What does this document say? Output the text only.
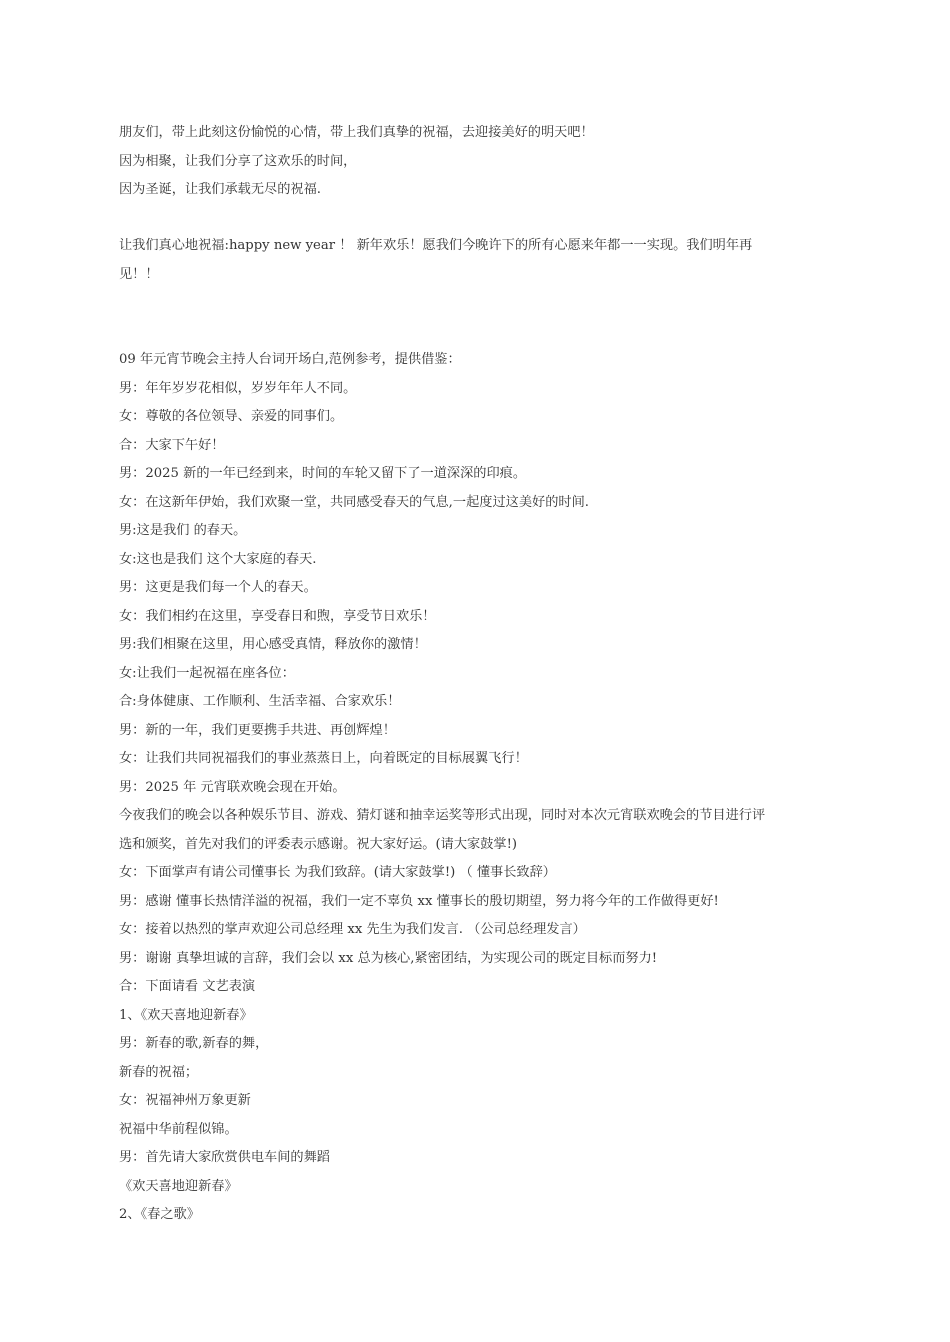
朋友们，带上此刻这份愉悦的心情，带上我们真挚的祝福，去迎接美好的明天吧！
因为相聚，让我们分享了这欢乐的时间，
因为圣诞，让我们承载无尽的祝福.
让我们真心地祝福:happy new year ！ 新年欢乐！愿我们今晚许下的所有心愿来年都一一实现。我们明年再
见！！
09 年元宵节晚会主持人台词开场白,范例参考，提供借鉴：
男：年年岁岁花相似，岁岁年年人不同。
女：尊敬的各位领导、亲爱的同事们。
合：大家下午好！
男：2025 新的一年已经到来，时间的车轮又留下了一道深深的印痕。
女：在这新年伊始，我们欢聚一堂，共同感受春天的气息,一起度过这美好的时间.
男:这是我们 的春天。
女:这也是我们 这个大家庭的春天.
男：这更是我们每一个人的春天。
女：我们相约在这里，享受春日和煦，享受节日欢乐！
男:我们相聚在这里，用心感受真情，释放你的激情！
女:让我们一起祝福在座各位：
合:身体健康、工作顺利、生活幸福、合家欢乐！
男：新的一年，我们更要携手共进、再创辉煌！
女：让我们共同祝福我们的事业蒸蒸日上，向着既定的目标展翼飞行！
男：2025 年 元宵联欢晚会现在开始。
今夜我们的晚会以各种娱乐节目、游戏、猜灯谜和抽幸运奖等形式出现，同时对本次元宵联欢晚会的节目进行评
选和颁奖，首先对我们的评委表示感谢。祝大家好运。(请大家鼓掌!)
女：下面掌声有请公司懂事长 为我们致辞。(请大家鼓掌!) （ 懂事长致辞）
男：感谢 懂事长热情洋溢的祝福，我们一定不辜负 xx 懂事长的殷切期望，努力将今年的工作做得更好!
女：接着以热烈的掌声欢迎公司总经理 xx 先生为我们发言. （公司总经理发言）
男：谢谢 真挚坦诚的言辞，我们会以 xx 总为核心,紧密团结，为实现公司的既定目标而努力!
合：下面请看 文艺表演
1、《欢天喜地迎新春》
男：新春的歌,新春的舞，
新春的祝福；
女：祝福神州万象更新
祝福中华前程似锦。
男：首先请大家欣赏供电车间的舞蹈
《欢天喜地迎新春》
2、《春之歌》
